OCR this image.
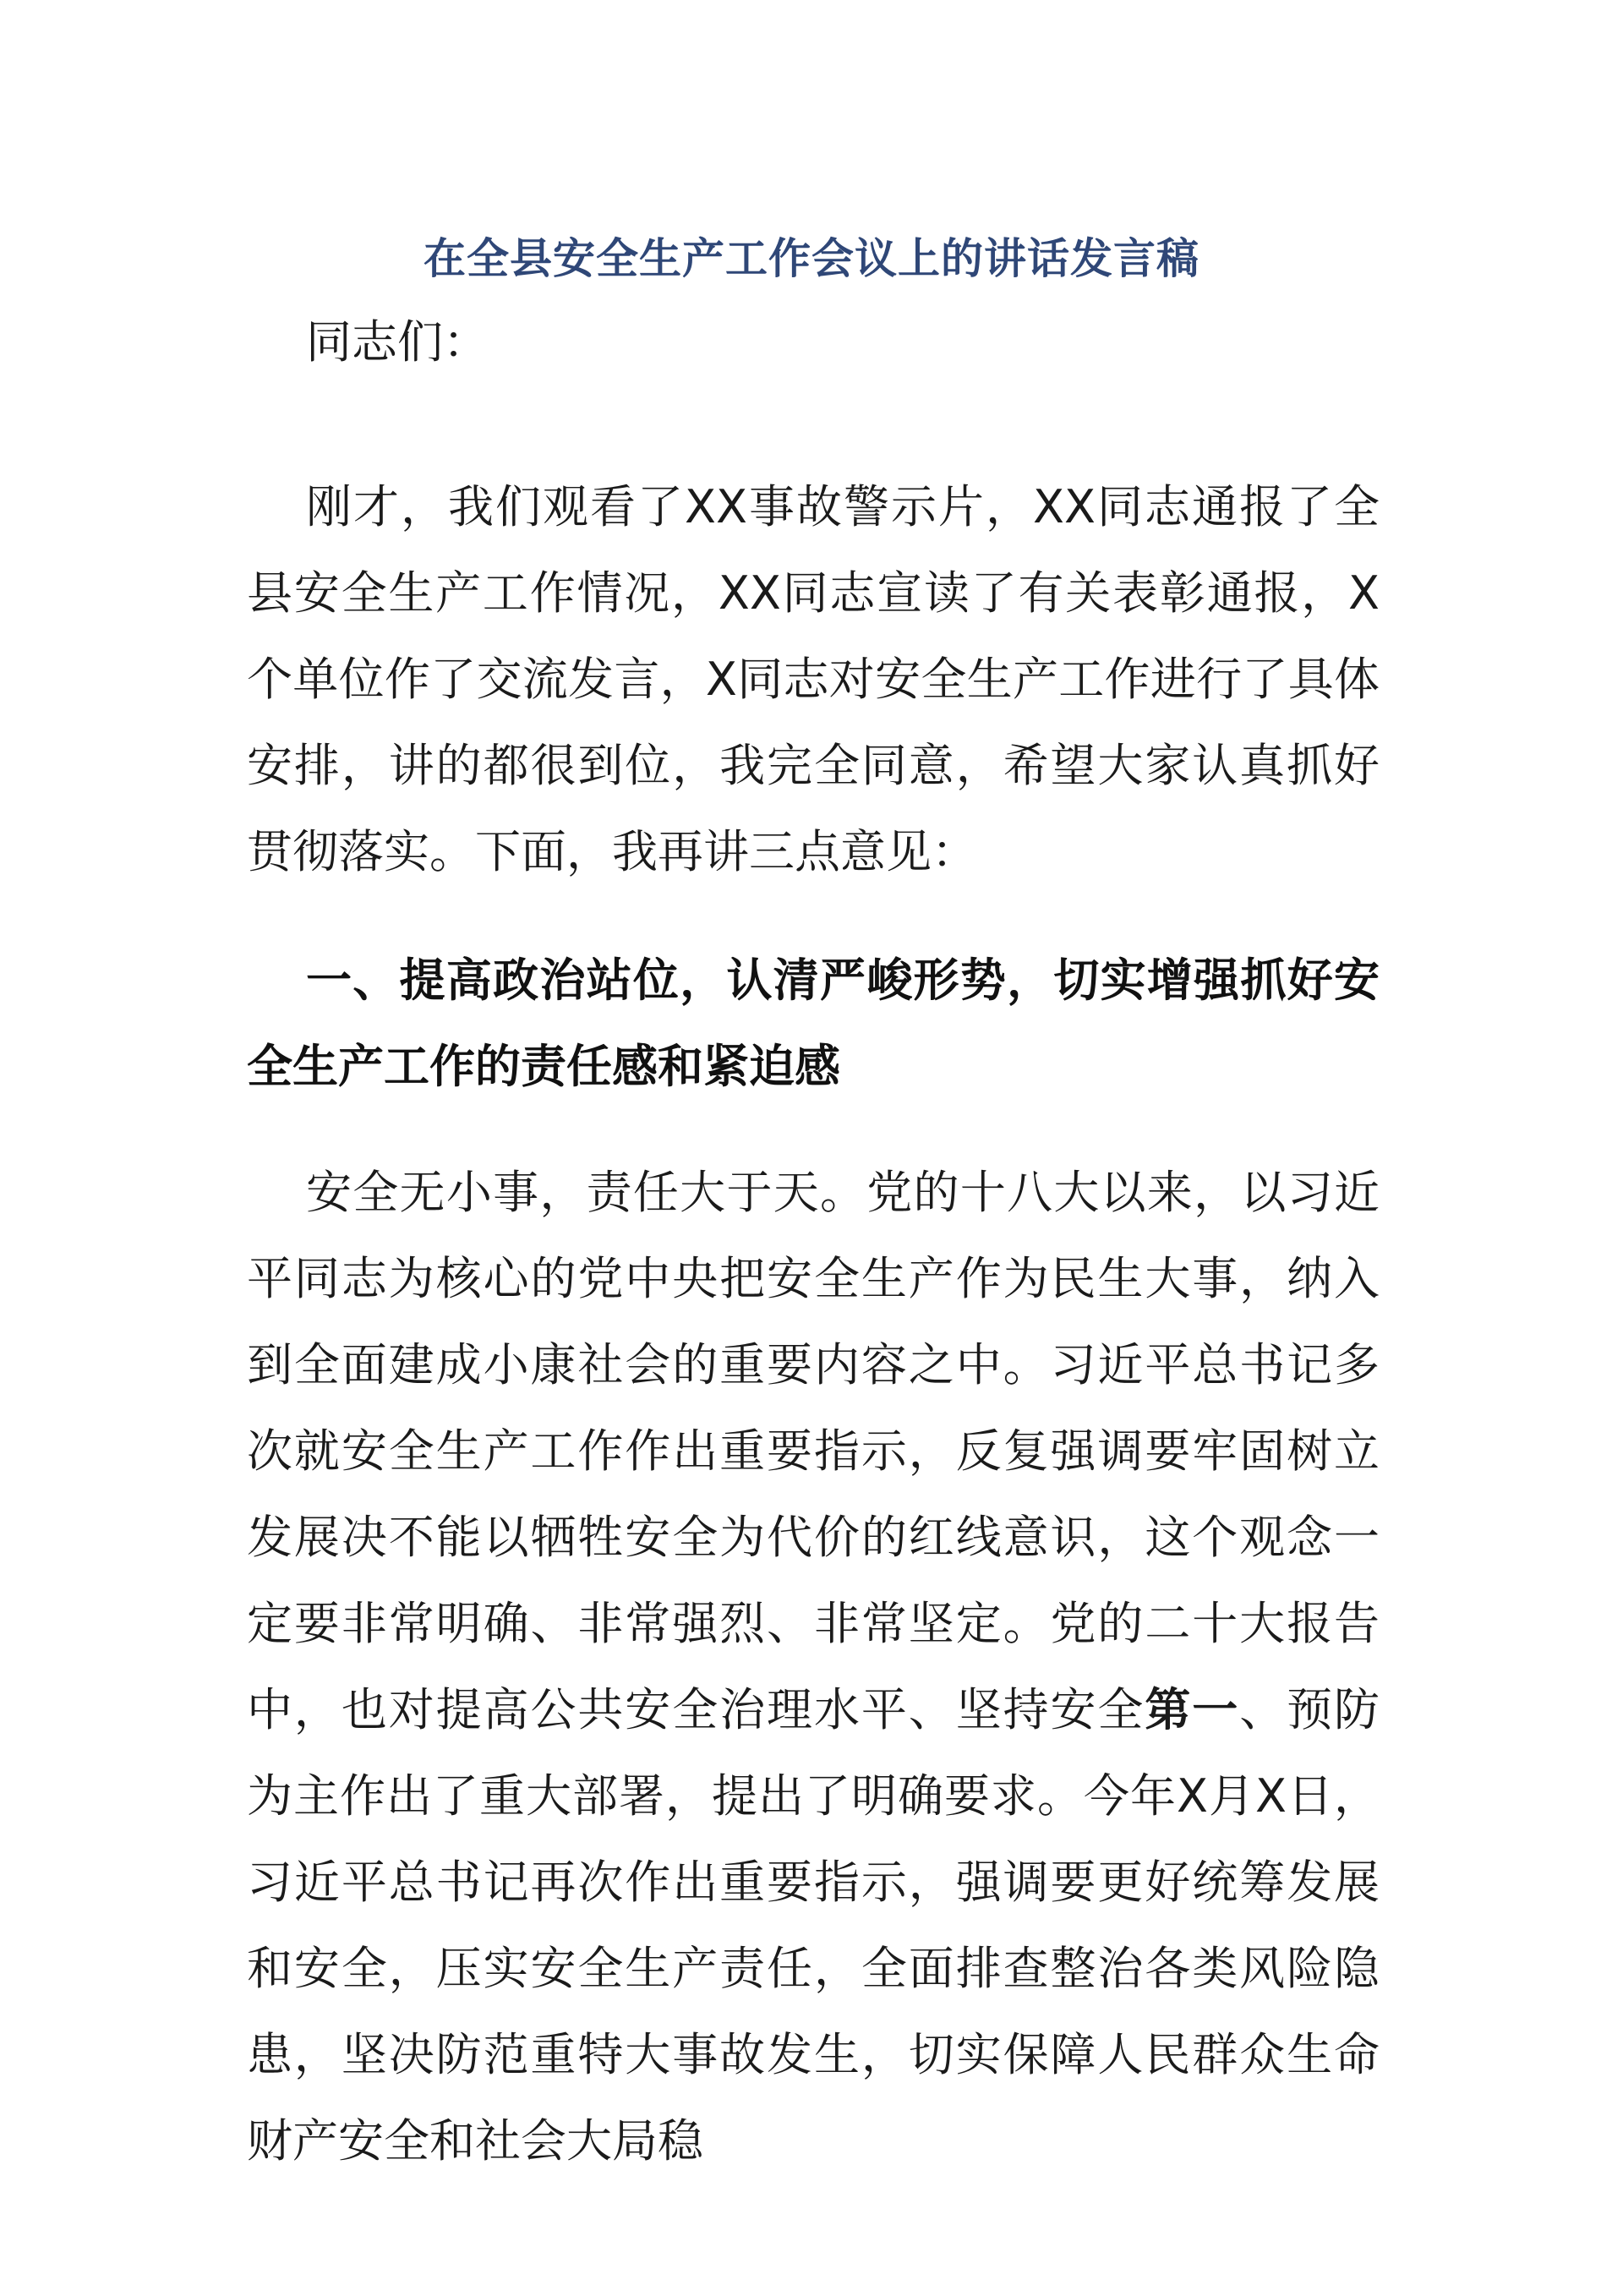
在全县安全生产工作会议上的讲话发言稿

同志们：

刚才，我们观看了XX事故警示片，XX同志通报了全县安全生产工作情况，XX同志宣读了有关表彰通报，X个单位作了交流发言，X同志对安全生产工作进行了具体安排，讲的都很到位，我完全同意，希望大家认真抓好贯彻落实。下面，我再讲三点意见：

一、提高政治站位，认清严峻形势，切实增强抓好安全生产工作的责任感和紧迫感

安全无小事，责任大于天。党的十八大以来，以习近平同志为核心的党中央把安全生产作为民生大事，纳入到全面建成小康社会的重要内容之中。习近平总书记多次就安全生产工作作出重要指示，反复强调要牢固树立发展决不能以牺牲安全为代价的红线意识，这个观念一定要非常明确、非常强烈、非常坚定。党的二十大报告中，也对提高公共安全治理水平、坚持安全第一、预防为主作出了重大部署，提出了明确要求。今年X月X日，习近平总书记再次作出重要指示，强调要更好统筹发展和安全，压实安全生产责任，全面排查整治各类风险隐患，坚决防范重特大事故发生，切实保障人民群众生命财产安全和社会大局稳
